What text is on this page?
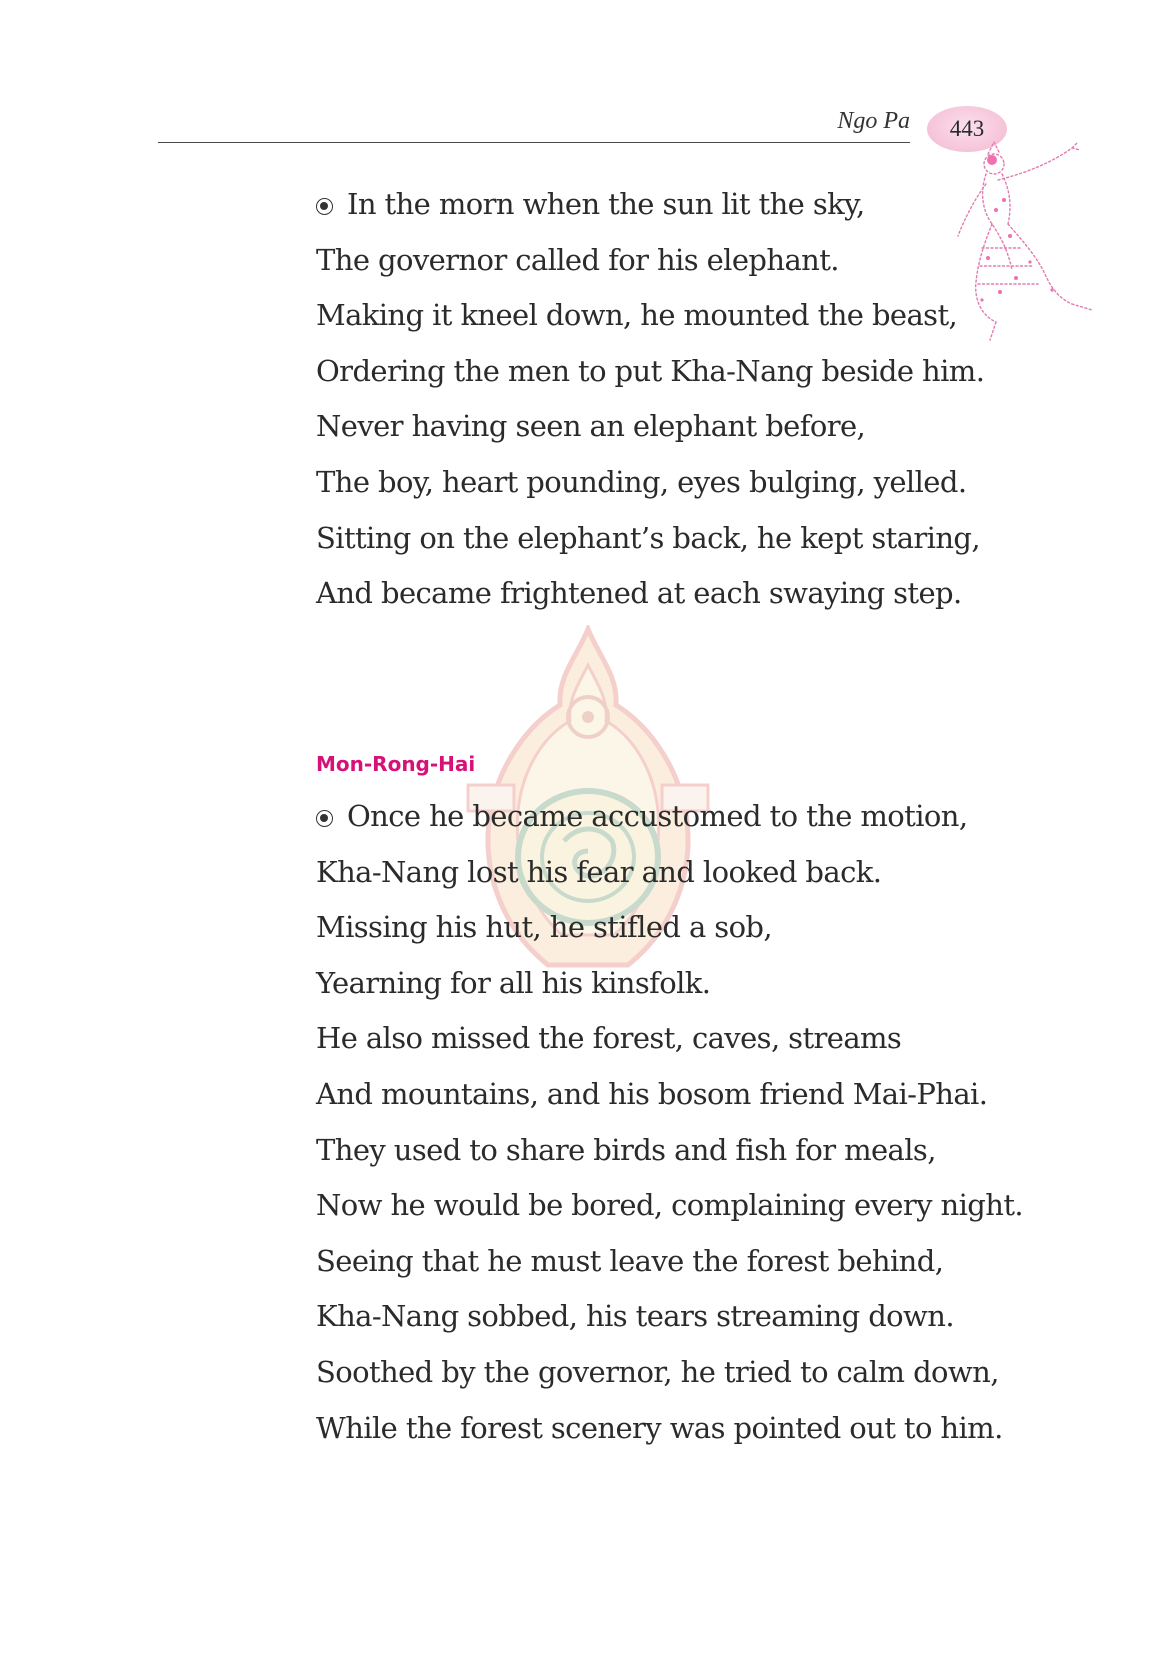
Ngo Pa 443
In the morn when the sun lit the sky,
The governor called for his elephant.
Making it kneel down, he mounted the beast,
Ordering the men to put Kha-Nang beside him.
Never having seen an elephant before,
The boy, heart pounding, eyes bulging, yelled.
Sitting on the elephant’s back, he kept staring,
And became frightened at each swaying step.
Mon-Rong-Hai
Once he became accustomed to the motion,
Kha-Nang lost his fear and looked back.
Missing his hut, he stifled a sob,
Yearning for all his kinsfolk.
He also missed the forest, caves, streams
And mountains, and his bosom friend Mai-Phai.
They used to share birds and fish for meals,
Now he would be bored, complaining every night.
Seeing that he must leave the forest behind,
Kha-Nang sobbed, his tears streaming down.
Soothed by the governor, he tried to calm down,
While the forest scenery was pointed out to him.
